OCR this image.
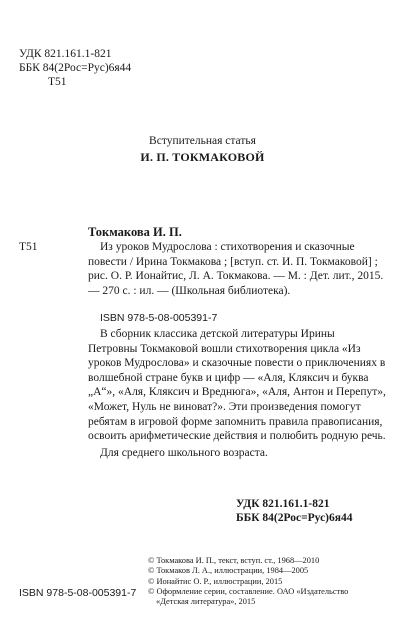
УДК 821.161.1-821
ББК 84(2Рос=Рус)6я44
Т51
Вступительная статья
И. П. ТОКМАКОВОЙ
Токмакова И. П.
Т51	Из уроков Мудрослова : стихотворения и сказочные повести / Ирина Токмакова ; [вступ. ст. И. П. Токмаковой] ; рис. О. Р. Ионайтис, Л. А. Токмакова. — М. : Дет. лит., 2015. — 270 с. : ил. — (Школьная библиотека).

ISBN 978-5-08-005391-7

В сборник классика детской литературы Ирины Петровны Токмаковой вошли стихотворения цикла «Из уроков Мудрослова» и сказочные повести о приключениях в волшебной стране букв и цифр — «Аля, Кляксич и буква „А“», «Аля, Кляксич и Вреднюга», «Аля, Антон и Перепут», «Может, Нуль не виноват?». Эти произведения помогут ребятам в игровой форме запомнить правила правописания, освоить арифметические действия и полюбить родную речь.

Для среднего школьного возраста.
УДК 821.161.1-821
ББК 84(2Рос=Рус)6я44
© Токмакова И. П., текст, вступ. ст., 1968—2010
© Токмаков Л. А., иллюстрации, 1984—2005
© Ионайтис О. Р., иллюстрации, 2015
© Оформление серии, составление. ОАО «Издательство
«Детская литература», 2015
ISBN 978-5-08-005391-7
